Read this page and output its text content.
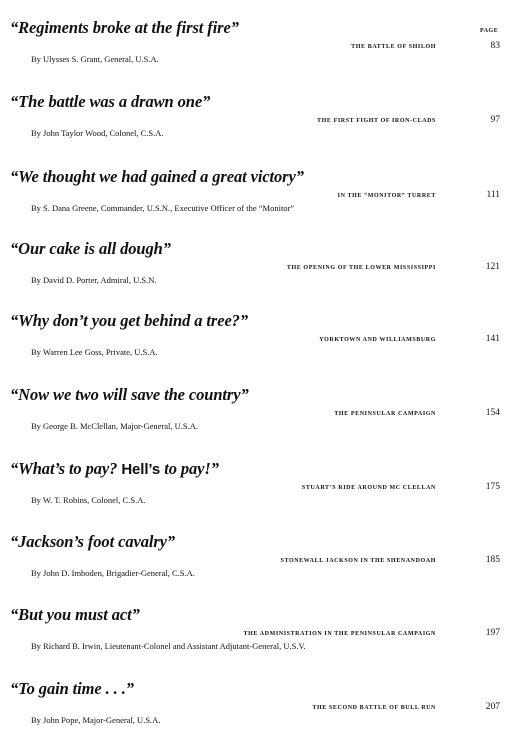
PAGE
“Regiments broke at the first fire”
THE BATTLE OF SHILOH	83
By Ulysses S. Grant, General, U.S.A.
“The battle was a drawn one”
THE FIRST FIGHT OF IRON-CLADS	97
By John Taylor Wood, Colonel, C.S.A.
“We thought we had gained a great victory”
IN THE “MONITOR” TURRET	111
By S. Dana Greene, Commander, U.S.N., Executive Officer of the “Monitor”
“Our cake is all dough”
THE OPENING OF THE LOWER MISSISSIPPI	121
By David D. Porter, Admiral, U.S.N.
“Why don’t you get behind a tree?”
YORKTOWN AND WILLIAMSBURG	141
By Warren Lee Goss, Private, U.S.A.
“Now we two will save the country”
THE PENINSULAR CAMPAIGN	154
By George B. McClellan, Major-General, U.S.A.
“What’s to pay? Hell’s to pay!”
STUART’S RIDE AROUND MC CLELLAN	175
By W. T. Robins, Colonel, C.S.A.
“Jackson’s foot cavalry”
STONEWALL JACKSON IN THE SHENANDOAH	185
By John D. Imboden, Brigadier-General, C.S.A.
“But you must act”
THE ADMINISTRATION IN THE PENINSULAR CAMPAIGN	197
By Richard B. Irwin, Lieutenant-Colonel and Assistant Adjutant-General, U.S.V.
“To gain time . . .”
THE SECOND BATTLE OF BULL RUN	207
By John Pope, Major-General, U.S.A.
